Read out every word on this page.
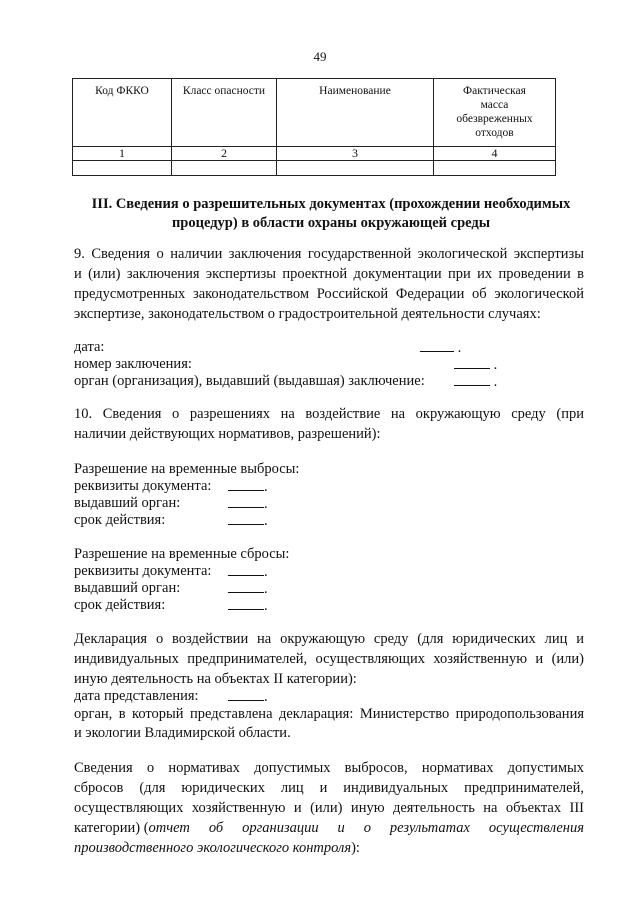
49
Код ФККО	Класс опасности	Наименование	Фактическая
масса
обезвреженных
отходов

1	2	3	4

III. Сведения о разрешительных документах (прохождении необходимых
процедур) в области охраны окружающей среды
9. Сведения о наличии заключения государственной экологической экспертизы
и (или) заключения экспертизы проектной документации при их проведении в
предусмотренных законодательством Российской Федерации об экологической
экспертизе, законодательством о градостроительной деятельности случаях:
дата:	.
номер заключения:	.
орган (организация), выдавший (выдавшая) заключение:	.
10. Сведения о разрешениях на воздействие на окружающую среду (при
наличии действующих нормативов, разрешений):
Разрешение на временные выбросы:
реквизиты документа:	.
выдавший орган:	.
срок действия:	.
Разрешение на временные сбросы:
реквизиты документа:	.
выдавший орган:	.
срок действия:	.
Декларация о воздействии на окружающую среду (для юридических лиц и
индивидуальных предпринимателей, осуществляющих хозяйственную и (или)
иную деятельность на объектах II категории):
дата представления:	.
орган, в который представлена декларация: Министерство природопользования
и экологии Владимирской области.
Сведения о нормативах допустимых выбросов, нормативах допустимых
сбросов (для юридических лиц и индивидуальных предпринимателей,
осуществляющих хозяйственную и (или) иную деятельность на объектах III
категории) ( отчет об организации и о результатах осуществления
производственного экологического контроля):
